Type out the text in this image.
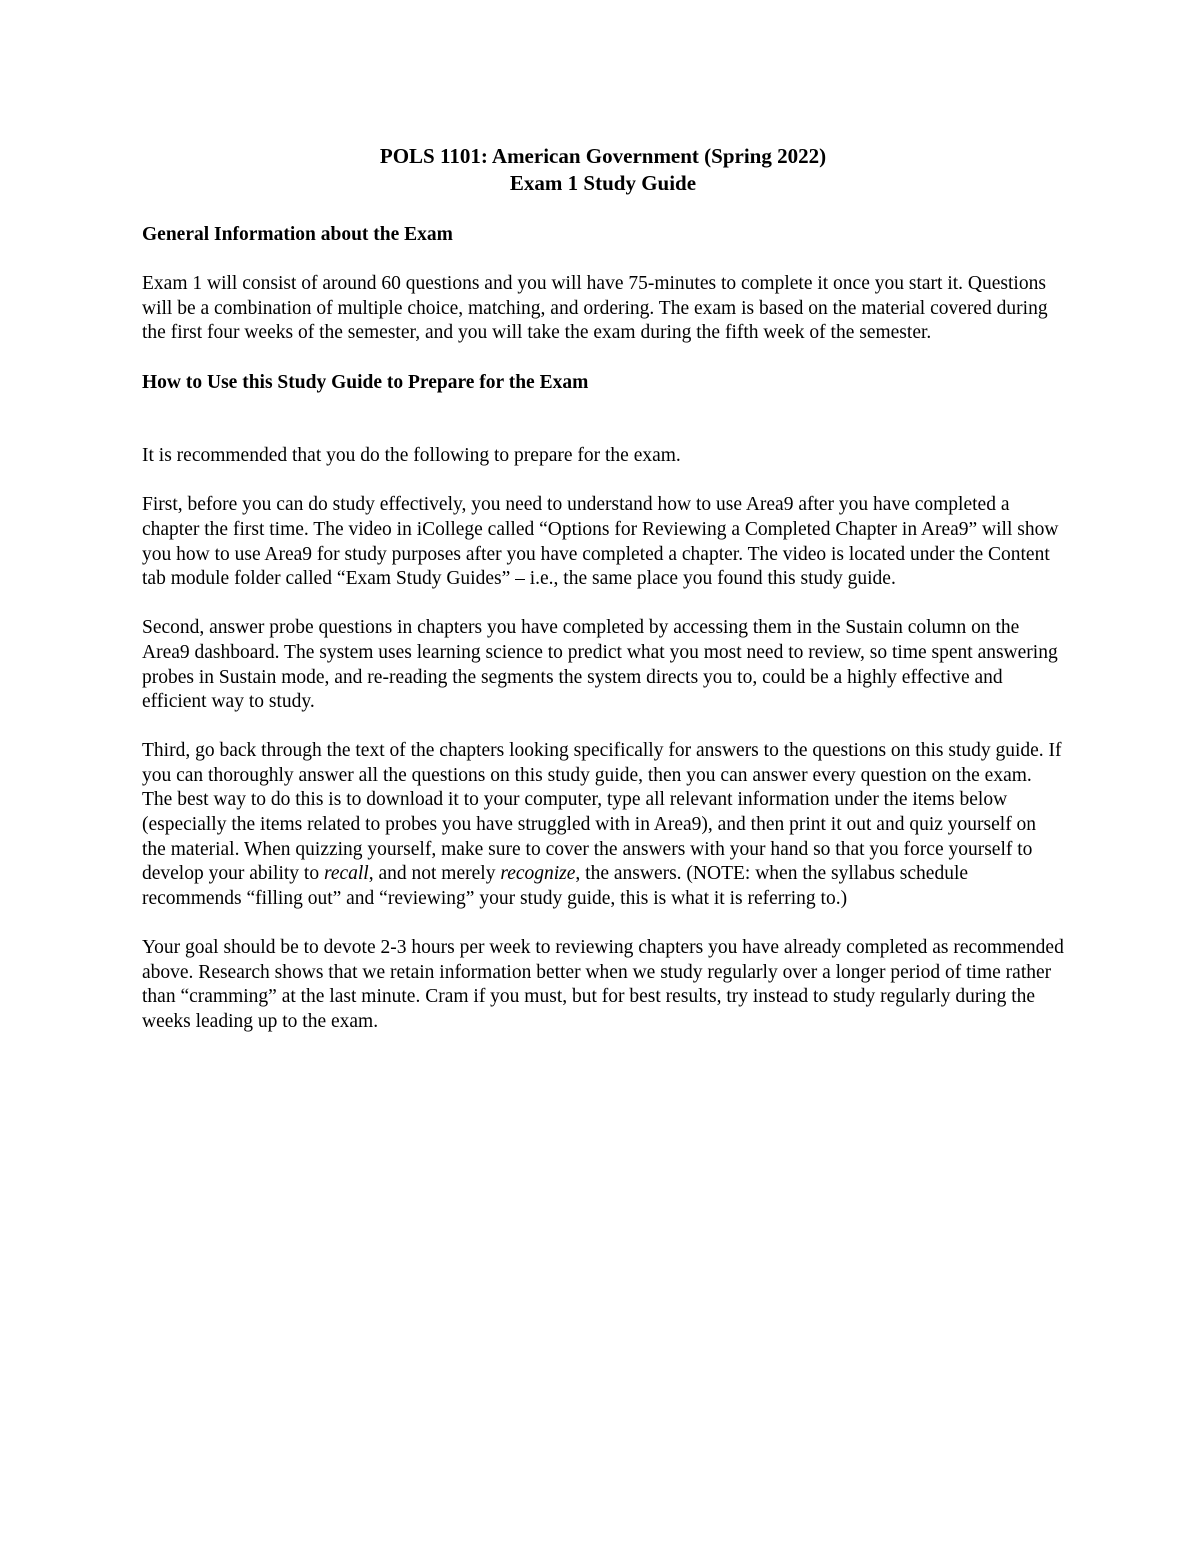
POLS 1101: American Government (Spring 2022)
Exam 1 Study Guide
General Information about the Exam

Exam 1 will consist of around 60 questions and you will have 75-minutes to complete it once you start it. Questions will be a combination of multiple choice, matching, and ordering. The exam is based on the material covered during the first four weeks of the semester, and you will take the exam during the fifth week of the semester.

How to Use this Study Guide to Prepare for the Exam

It is recommended that you do the following to prepare for the exam.

First, before you can do study effectively, you need to understand how to use Area9 after you have completed a chapter the first time. The video in iCollege called “Options for Reviewing a Completed Chapter in Area9” will show you how to use Area9 for study purposes after you have completed a chapter. The video is located under the Content tab module folder called “Exam Study Guides” – i.e., the same place you found this study guide.

Second, answer probe questions in chapters you have completed by accessing them in the Sustain column on the Area9 dashboard. The system uses learning science to predict what you most need to review, so time spent answering probes in Sustain mode, and re-reading the segments the system directs you to, could be a highly effective and efficient way to study.

Third, go back through the text of the chapters looking specifically for answers to the questions on this study guide. If you can thoroughly answer all the questions on this study guide, then you can answer every question on the exam. The best way to do this is to download it to your computer, type all relevant information under the items below (especially the items related to probes you have struggled with in Area9), and then print it out and quiz yourself on the material. When quizzing yourself, make sure to cover the answers with your hand so that you force yourself to develop your ability to recall, and not merely recognize, the answers. (NOTE: when the syllabus schedule recommends “filling out” and “reviewing” your study guide, this is what it is referring to.)

Your goal should be to devote 2-3 hours per week to reviewing chapters you have already completed as recommended above. Research shows that we retain information better when we study regularly over a longer period of time rather than “cramming” at the last minute. Cram if you must, but for best results, try instead to study regularly during the weeks leading up to the exam.
